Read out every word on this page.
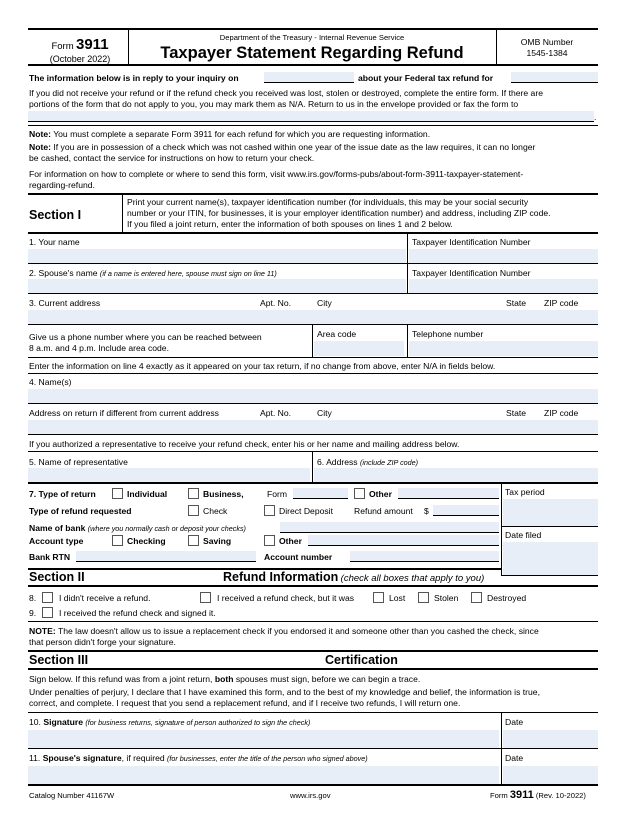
Form 3911
(October 2022)
Department of the Treasury - Internal Revenue Service
Taxpayer Statement Regarding Refund
OMB Number
1545-1384
The information below is in reply to your inquiry on	about your Federal tax refund for
If you did not receive your refund or if the refund check you received was lost, stolen or destroyed, complete the entire form. If there are
portions of the form that do not apply to you, you may mark them as N/A. Return to us in the envelope provided or fax the form to
.
Note: You must complete a separate Form 3911 for each refund for which you are requesting information.
Note: If you are in possession of a check which was not cashed within one year of the issue date as the law requires, it can no longer
be cashed, contact the service for instructions on how to return your check.
For information on how to complete or where to send this form, visit www.irs.gov/forms-pubs/about-form-3911-taxpayer-statement-
regarding-refund.
Section I
Print your current name(s), taxpayer identification number (for individuals, this may be your social security
number or your ITIN, for businesses, it is your employer identification number) and address, including ZIP code.
If you filed a joint return, enter the information of both spouses on lines 1 and 2 below.
1. Your name	Taxpayer Identification Number
2. Spouse's name (if a name is entered here, spouse must sign on line 11)	Taxpayer Identification Number
3. Current address	Apt. No.	City	State ZIP code
Give us a phone number where you can be reached between
8 a.m. and 4 p.m. Include area code.
Area code	Telephone number
Enter the information on line 4 exactly as it appeared on your tax return, if no change from above, enter N/A in fields below.
4. Name(s)
Address on return if different from current address	Apt. No.	City	State ZIP code
If you authorized a representative to receive your refund check, enter his or her name and mailing address below.
5. Name of representative	6. Address (include ZIP code)
7. Type of return	Individual	Business,	Form	Other	Tax period
Type of refund requested	Check	Direct Deposit Refund amount $
Name of bank (where you normally cash or deposit your checks)
Date filed
Account type	Checking	Saving	Other
Bank RTN	Account number
Section II	Refund Information (check all boxes that apply to you)
8.	I didn't receive a refund.	I received a refund check, but it was	Lost	Stolen	Destroyed
9.	I received the refund check and signed it.
NOTE: The law doesn't allow us to issue a replacement check if you endorsed it and someone other than you cashed the check, since
that person didn't forge your signature.
Section III	Certification
Sign below. If this refund was from a joint return, both spouses must sign, before we can begin a trace.
Under penalties of perjury, I declare that I have examined this form, and to the best of my knowledge and belief, the information is true,
correct, and complete. I request that you send a replacement refund, and if I receive two refunds, I will return one.
10. Signature (for business returns, signature of person authorized to sign the check)	Date
11. Spouse's signature, if required (for businesses, enter the title of the person who signed above)	Date
Catalog Number 41167W	www.irs.gov	Form 3911 (Rev. 10-2022)
